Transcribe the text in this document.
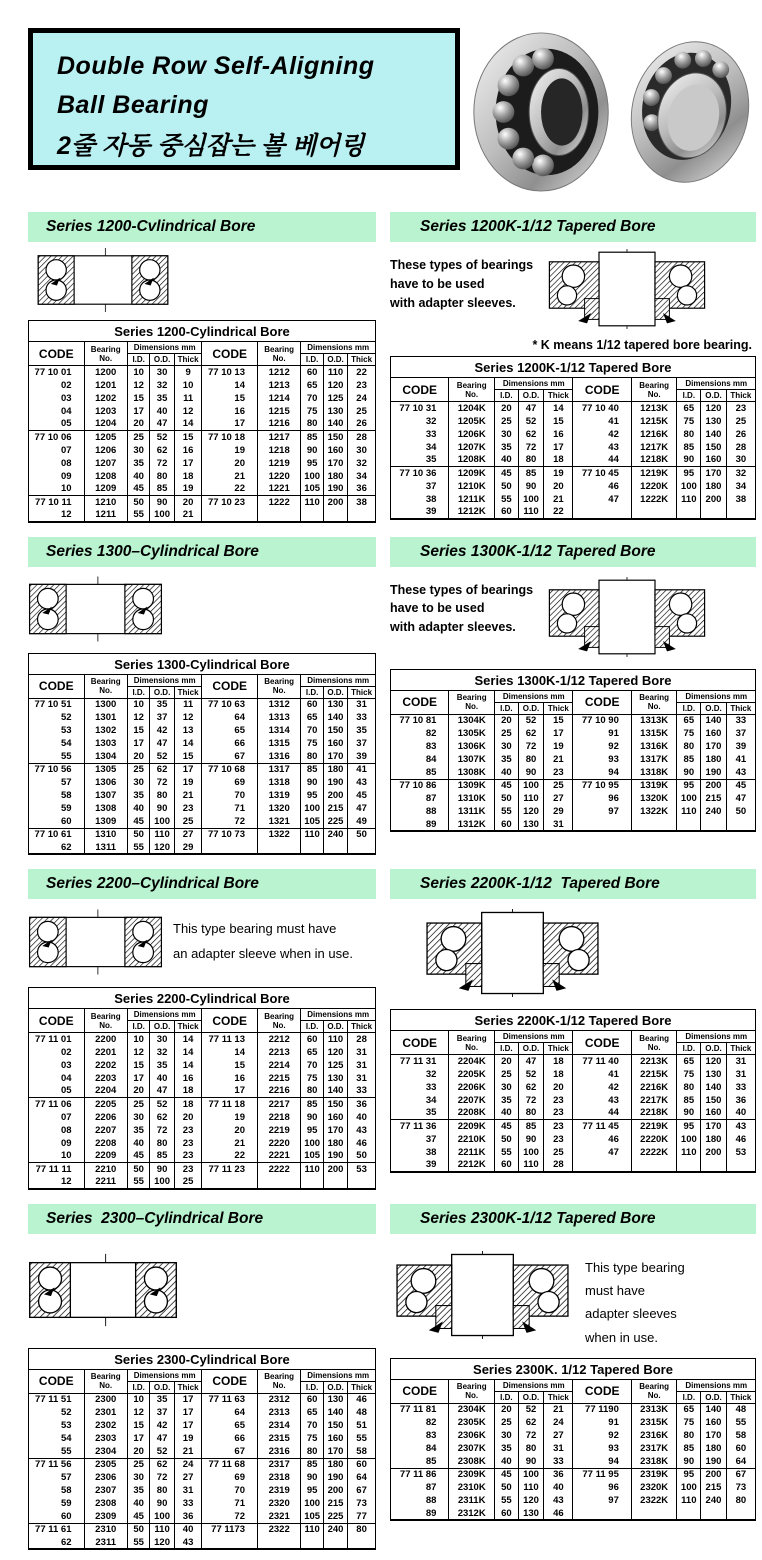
Double Row Self-Aligning
Ball Bearing
2줄 자동 중심잡는 볼 베어링
Series 1200-Cvlindrical Bore
Series 1200-Cylindrical Bore									
CODE	Bearing No.	Dimensions mm			CODE	Bearing No.	Dimensions mm		
		I.D.	O.D.	Thick			I.D.	O.D.	Thick
77 10 01	1200	10	30	9	77 10 13	1212	60	110	22
02	1201	12	32	10	14	1213	65	120	23
03	1202	15	35	11	15	1214	70	125	24
04	1203	17	40	12	16	1215	75	130	25
05	1204	20	47	14	17	1216	80	140	26
77 10 06	1205	25	52	15	77 10 18	1217	85	150	28
07	1206	30	62	16	19	1218	90	160	30
08	1207	35	72	17	20	1219	95	170	32
09	1208	40	80	18	21	1220	100	180	34
10	1209	45	85	19	22	1221	105	190	36
77 10 11	1210	50	90	20	77 10 23	1222	110	200	38
12	1211	55	100	21					
Series 1200K-1/12 Tapered Bore
These types of bearings
have to be used
with adapter sleeves.
* K means 1/12 tapered bore bearing.
Series 1200K-1/12 Tapered Bore									
CODE	Bearing No.	Dimensions mm			CODE	Bearing No.	Dimensions mm		
		I.D.	O.D.	Thick			I.D.	O.D.	Thick
77 10 31	1204K	20	47	14	77 10 40	1213K	65	120	23
32	1205K	25	52	15	41	1215K	75	130	25
33	1206K	30	62	16	42	1216K	80	140	26
34	1207K	35	72	17	43	1217K	85	150	28
35	1208K	40	80	18	44	1218K	90	160	30
77 10 36	1209K	45	85	19	77 10 45	1219K	95	170	32
37	1210K	50	90	20	46	1220K	100	180	34
38	1211K	55	100	21	47	1222K	110	200	38
39	1212K	60	110	22					
Series 1300–Cylindrical Bore
Series 1300-Cylindrical Bore									
CODE	Bearing No.	Dimensions mm			CODE	Bearing No.	Dimensions mm		
		I.D.	O.D.	Thick			I.D.	O.D.	Thick
77 10 51	1300	10	35	11	77 10 63	1312	60	130	31
52	1301	12	37	12	64	1313	65	140	33
53	1302	15	42	13	65	1314	70	150	35
54	1303	17	47	14	66	1315	75	160	37
55	1304	20	52	15	67	1316	80	170	39
77 10 56	1305	25	62	17	77 10 68	1317	85	180	41
57	1306	30	72	19	69	1318	90	190	43
58	1307	35	80	21	70	1319	95	200	45
59	1308	40	90	23	71	1320	100	215	47
60	1309	45	100	25	72	1321	105	225	49
77 10 61	1310	50	110	27	77 10 73	1322	110	240	50
62	1311	55	120	29					
Series 1300K-1/12 Tapered Bore
These types of bearings
have to be used
with adapter sleeves.
Series 1300K-1/12 Tapered Bore									
CODE	Bearing No.	Dimensions mm			CODE	Bearing No.	Dimensions mm		
		I.D.	O.D.	Thick			I.D.	O.D.	Thick
77 10 81	1304K	20	52	15	77 10 90	1313K	65	140	33
82	1305K	25	62	17	91	1315K	75	160	37
83	1306K	30	72	19	92	1316K	80	170	39
84	1307K	35	80	21	93	1317K	85	180	41
85	1308K	40	90	23	94	1318K	90	190	43
77 10 86	1309K	45	100	25	77 10 95	1319K	95	200	45
87	1310K	50	110	27	96	1320K	100	215	47
88	1311K	55	120	29	97	1322K	110	240	50
89	1312K	60	130	31					
Series 2200–Cylindrical Bore
This type bearing must have
an adapter sleeve when in use.
Series 2200-Cylindrical Bore									
CODE	Bearing No.	Dimensions mm			CODE	Bearing No.	Dimensions mm		
		I.D.	O.D.	Thick			I.D.	O.D.	Thick
77 11 01	2200	10	30	14	77 11 13	2212	60	110	28
02	2201	12	32	14	14	2213	65	120	31
03	2202	15	35	14	15	2214	70	125	31
04	2203	17	40	16	16	2215	75	130	31
05	2204	20	47	18	17	2216	80	140	33
77 11 06	2205	25	52	18	77 11 18	2217	85	150	36
07	2206	30	62	20	19	2218	90	160	40
08	2207	35	72	23	20	2219	95	170	43
09	2208	40	80	23	21	2220	100	180	46
10	2209	45	85	23	22	2221	105	190	50
77 11 11	2210	50	90	23	77 11 23	2222	110	200	53
12	2211	55	100	25					
Series 2200K-1/12  Tapered Bore
Series 2200K-1/12 Tapered Bore									
CODE	Bearing No.	Dimensions mm			CODE	Bearing No.	Dimensions mm		
		I.D.	O.D.	Thick			I.D.	O.D.	Thick
77 11 31	2204K	20	47	18	77 11 40	2213K	65	120	31
32	2205K	25	52	18	41	2215K	75	130	31
33	2206K	30	62	20	42	2216K	80	140	33
34	2207K	35	72	23	43	2217K	85	150	36
35	2208K	40	80	23	44	2218K	90	160	40
77 11 36	2209K	45	85	23	77 11 45	2219K	95	170	43
37	2210K	50	90	23	46	2220K	100	180	46
38	2211K	55	100	25	47	2222K	110	200	53
39	2212K	60	110	28					
Series  2300–Cylindrical Bore
Series 2300-Cylindrical Bore									
CODE	Bearing No.	Dimensions mm			CODE	Bearing No.	Dimensions mm		
		I.D.	O.D.	Thick			I.D.	O.D.	Thick
77 11 51	2300	10	35	17	77 11 63	2312	60	130	46
52	2301	12	37	17	64	2313	65	140	48
53	2302	15	42	17	65	2314	70	150	51
54	2303	17	47	19	66	2315	75	160	55
55	2304	20	52	21	67	2316	80	170	58
77 11 56	2305	25	62	24	77 11 68	2317	85	180	60
57	2306	30	72	27	69	2318	90	190	64
58	2307	35	80	31	70	2319	95	200	67
59	2308	40	90	33	71	2320	100	215	73
60	2309	45	100	36	72	2321	105	225	77
77 11 61	2310	50	110	40	77 1173	2322	110	240	80
62	2311	55	120	43					
Series 2300K-1/12 Tapered Bore
This type bearing
must have
adapter sleeves
when in use.
Series 2300K. 1/12 Tapered Bore									
CODE	Bearing No.	Dimensions mm			CODE	Bearing No.	Dimensions mm		
		I.D.	O.D.	Thick			I.D.	O.D.	Thick
77 11 81	2304K	20	52	21	77 1190	2313K	65	140	48
82	2305K	25	62	24	91	2315K	75	160	55
83	2306K	30	72	27	92	2316K	80	170	58
84	2307K	35	80	31	93	2317K	85	180	60
85	2308K	40	90	33	94	2318K	90	190	64
77 11 86	2309K	45	100	36	77 11 95	2319K	95	200	67
87	2310K	50	110	40	96	2320K	100	215	73
88	2311K	55	120	43	97	2322K	110	240	80
89	2312K	60	130	46					
